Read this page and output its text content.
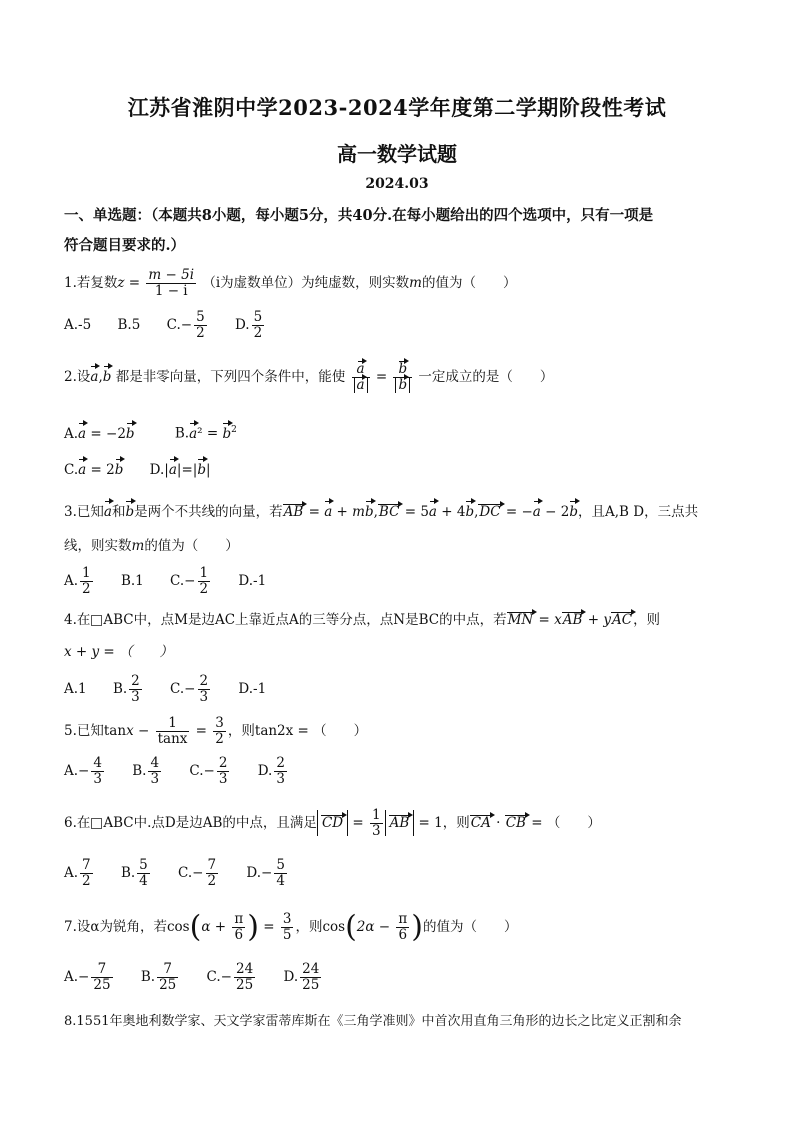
江苏省淮阴中学2023-2024学年度第二学期阶段性考试
高一数学试题
2024.03
一、单选题：（本题共8小题，每小题5分，共40分.在每小题给出的四个选项中，只有一项是
符合题目要求的.）
1.若复数$z = \frac{m - 5i}{1 - i} (i$为虚数单位）为纯虚数，则实数m的值为（　　）
A.-5 B.5 $C.- \frac{5}{2} D$. $\frac{5}{2}$
2.设a,b 都是非零向量，下列四个条件中，能使 $\frac{a}{a} = \frac{b}{b}$ 一定成立的是（　　）
A.a = −2b	$B.a^2 = b^2$
C.a = 2b D.|a|=|b|
3.已知a和b是两个不共线的向量，若AB = a + mb,BC = 5a + 4b,DC = −a − 2b，且A,B D，三点共
线，则实数m的值为（　　）
A. $\frac{1}{2} B.1$ $C.- \frac{1}{2} D.-1$
4.在 ABC中，点M是边AC上靠近点A的三等分点，点N是BC的中点，若MN = xAB + yAC，则
x + y = （　　）
A.1 B. $\frac{2}{3} C.- \frac{2}{3} D.-1$
5.已知$\tan x - \frac{1}{\tan x} = \frac{3}{2}$ ，则tan2x = （　　）
$A.- \frac{4}{3} B$. $\frac{4}{3} C.- \frac{2}{3} D$. $\frac{2}{3}$
6.在 ABC中.点D是边AB的中点，且满足 CD = $\frac{1}{3}$ AB = 1，则CA · CB = （　　）
A. $\frac{7}{2} B$. $\frac{5}{4} C.- \frac{7}{2} D.- \frac{5}{4}$
7.设α为锐角，若$\cos(\alpha + \frac{\pi}{6}$ ) = $\frac{3}{5}$ ，则$\cos(2\alpha - \frac{\pi}{6}$ )的值为（　　）
$A.- \frac{7}{25} B$. $\frac{7}{25} C.- \frac{24}{25} D$. $\frac{24}{25}$
8.1551年奥地利数学家、天文学家雷蒂库斯在《三角学准则》中首次用直角三角形的边长之比定义正割和余
